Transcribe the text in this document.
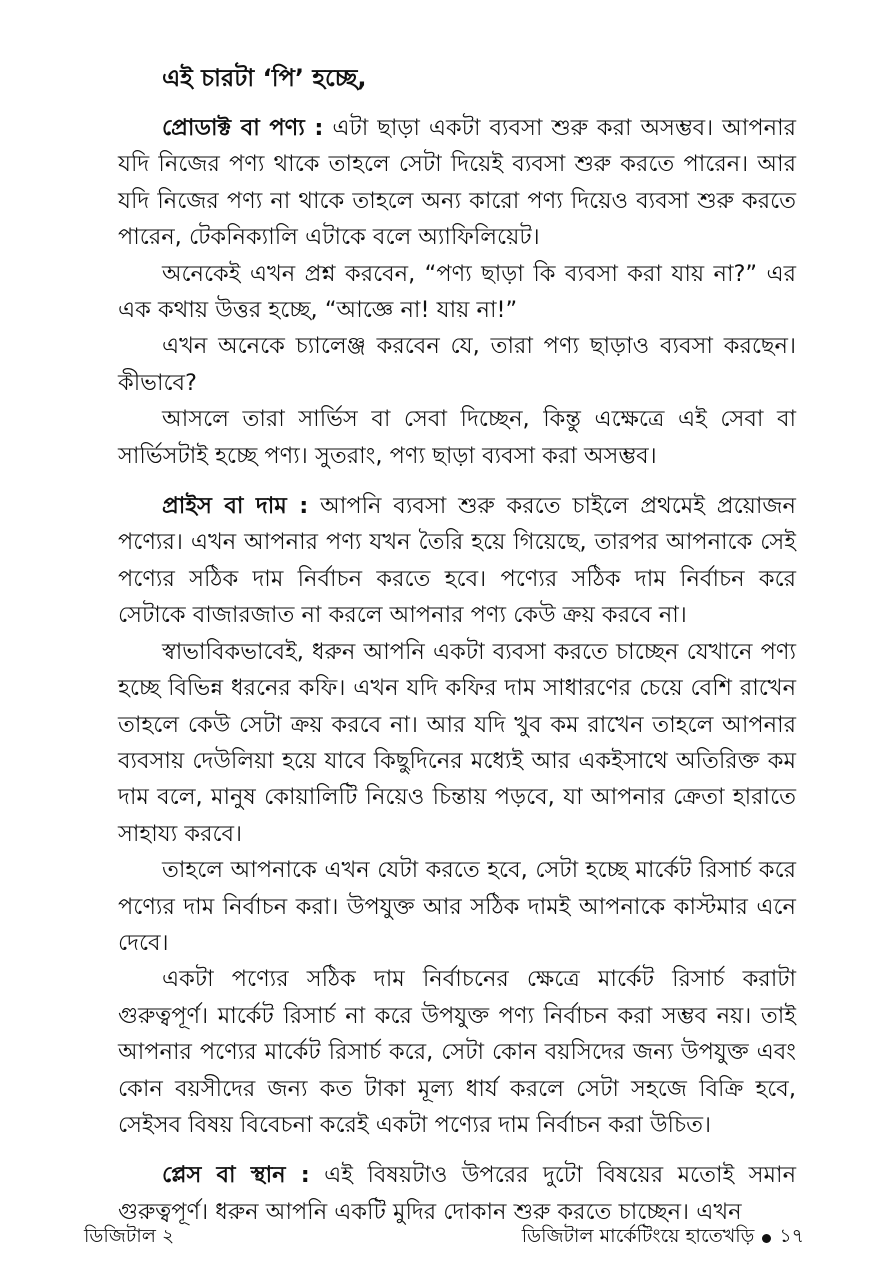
এই চারটা ‘পি’ হচ্ছে,

প্রোডাক্ট বা পণ্য : এটা ছাড়া একটা ব্যবসা শুরু করা অসম্ভব। আপনার যদি নিজের পণ্য থাকে তাহলে সেটা দিয়েই ব্যবসা শুরু করতে পারেন। আর যদি নিজের পণ্য না থাকে তাহলে অন্য কারো পণ্য দিয়েও ব্যবসা শুরু করতে পারেন, টেকনিক্যালি এটাকে বলে অ্যাফিলিয়েট।

অনেকেই এখন প্রশ্ন করবেন, “পণ্য ছাড়া কি ব্যবসা করা যায় না?” এর এক কথায় উত্তর হচ্ছে, “আজ্ঞে না! যায় না!”

এখন অনেকে চ্যালেঞ্জ করবেন যে, তারা পণ্য ছাড়াও ব্যবসা করছেন। কীভাবে?

আসলে তারা সার্ভিস বা সেবা দিচ্ছেন, কিন্তু এক্ষেত্রে এই সেবা বা সার্ভিসটাই হচ্ছে পণ্য। সুতরাং, পণ্য ছাড়া ব্যবসা করা অসম্ভব।

প্রাইস বা দাম : আপনি ব্যবসা শুরু করতে চাইলে প্রথমেই প্রয়োজন পণ্যের। এখন আপনার পণ্য যখন তৈরি হয়ে গিয়েছে, তারপর আপনাকে সেই পণ্যের সঠিক দাম নির্বাচন করতে হবে। পণ্যের সঠিক দাম নির্বাচন করে সেটাকে বাজারজাত না করলে আপনার পণ্য কেউ ক্রয় করবে না।

স্বাভাবিকভাবেই, ধরুন আপনি একটা ব্যবসা করতে চাচ্ছেন যেখানে পণ্য হচ্ছে বিভিন্ন ধরনের কফি। এখন যদি কফির দাম সাধারণের চেয়ে বেশি রাখেন তাহলে কেউ সেটা ক্রয় করবে না। আর যদি খুব কম রাখেন তাহলে আপনার ব্যবসায় দেউলিয়া হয়ে যাবে কিছুদিনের মধ্যেই আর একইসাথে অতিরিক্ত কম দাম বলে, মানুষ কোয়ালিটি নিয়েও চিন্তায় পড়বে, যা আপনার ক্রেতা হারাতে সাহায্য করবে।

তাহলে আপনাকে এখন যেটা করতে হবে, সেটা হচ্ছে মার্কেট রিসার্চ করে পণ্যের দাম নির্বাচন করা। উপযুক্ত আর সঠিক দামই আপনাকে কাস্টমার এনে দেবে।

একটা পণ্যের সঠিক দাম নির্বাচনের ক্ষেত্রে মার্কেট রিসার্চ করাটা গুরুত্বপূর্ণ। মার্কেট রিসার্চ না করে উপযুক্ত পণ্য নির্বাচন করা সম্ভব নয়। তাই আপনার পণ্যের মার্কেট রিসার্চ করে, সেটা কোন বয়সিদের জন্য উপযুক্ত এবং কোন বয়সীদের জন্য কত টাকা মূল্য ধার্য করলে সেটা সহজে বিক্রি হবে, সেইসব বিষয় বিবেচনা করেই একটা পণ্যের দাম নির্বাচন করা উচিত।

প্লেস বা স্থান : এই বিষয়টাও উপরের দুটো বিষয়ের মতোই সমান গুরুত্বপূর্ণ। ধরুন আপনি একটি মুদির দোকান শুরু করতে চাচ্ছেন। এখন

ডিজিটাল ২	ডিজিটাল মার্কেটিংয়ে হাতেখড়ি ১৭
